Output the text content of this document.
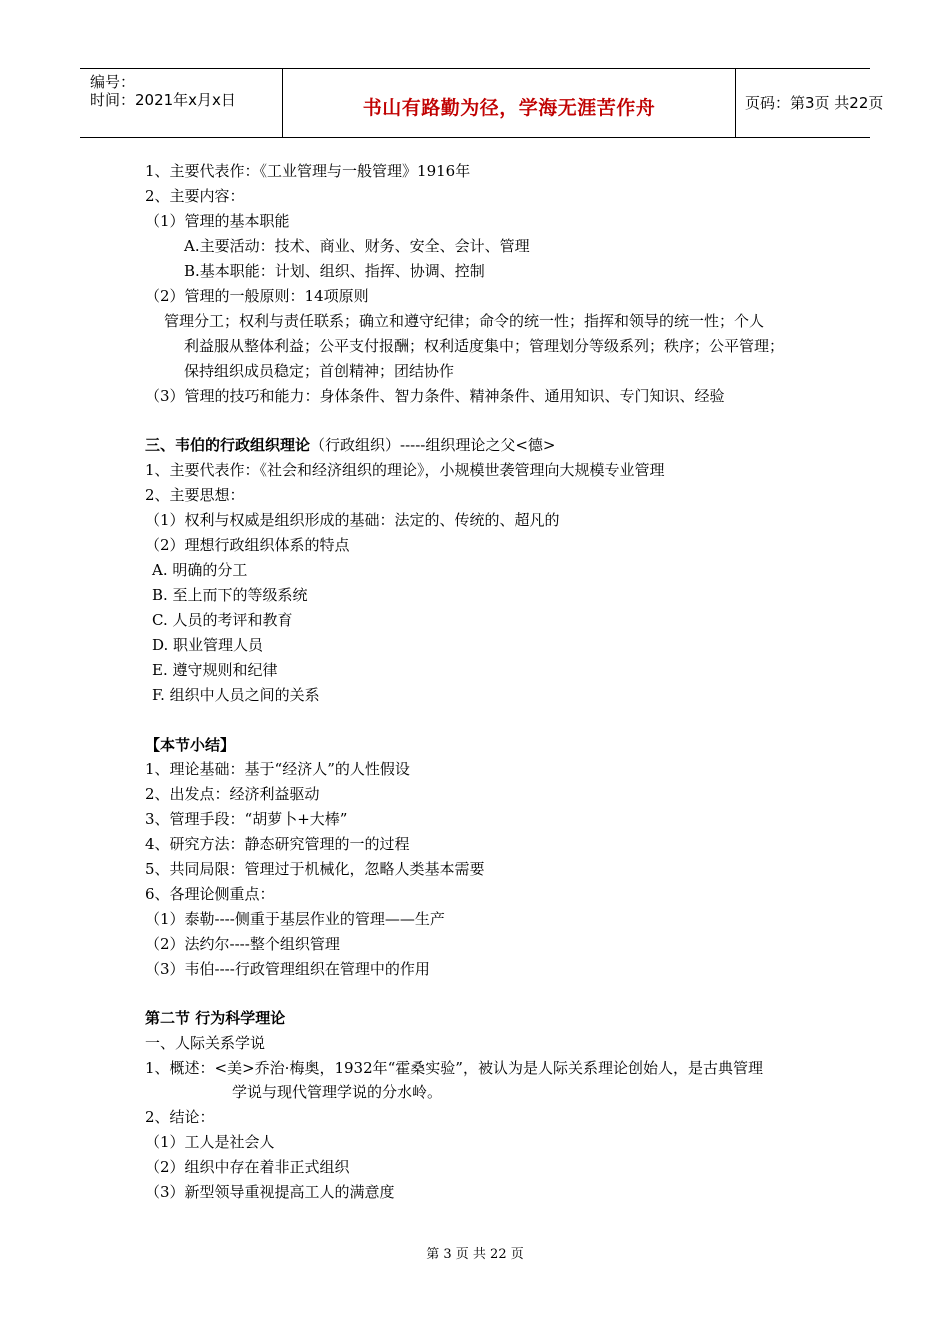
编号：
时间：2021年x月x日	书山有路勤为径，学海无涯苦作舟	页码：第3页 共22页
1、主要代表作：《工业管理与一般管理》1916年
2、主要内容：
（1）管理的基本职能
A.主要活动：技术、商业、财务、安全、会计、管理
B.基本职能：计划、组织、指挥、协调、控制
（2）管理的一般原则：14项原则
管理分工；权利与责任联系；确立和遵守纪律；命令的统一性；指挥和领导的统一性；个人
利益服从整体利益；公平支付报酬；权利适度集中；管理划分等级系列；秩序；公平管理；
保持组织成员稳定；首创精神；团结协作
（3）管理的技巧和能力：身体条件、智力条件、精神条件、通用知识、专门知识、经验
三、韦伯的行政组织理论（行政组织）-----组织理论之父<德>
1、主要代表作：《社会和经济组织的理论》，小规模世袭管理向大规模专业管理
2、主要思想：
（1）权利与权威是组织形成的基础：法定的、传统的、超凡的
（2）理想行政组织体系的特点
A. 明确的分工
B. 至上而下的等级系统
C. 人员的考评和教育
D. 职业管理人员
E. 遵守规则和纪律
F. 组织中人员之间的关系
【本节小结】
1、理论基础：基于“经济人”的人性假设
2、出发点：经济利益驱动
3、管理手段：“胡萝卜+大棒”
4、研究方法：静态研究管理的一的过程
5、共同局限：管理过于机械化，忽略人类基本需要
6、各理论侧重点：
（1）泰勒----侧重于基层作业的管理——生产
（2）法约尔----整个组织管理
（3）韦伯----行政管理组织在管理中的作用
第二节 行为科学理论
一、人际关系学说
1、概述：<美>乔治·梅奥，1932年“霍桑实验”，被认为是人际关系理论创始人，是古典管理
学说与现代管理学说的分水岭。
2、结论：
（1）工人是社会人
（2）组织中存在着非正式组织
（3）新型领导重视提高工人的满意度
第 3 页 共 22 页
